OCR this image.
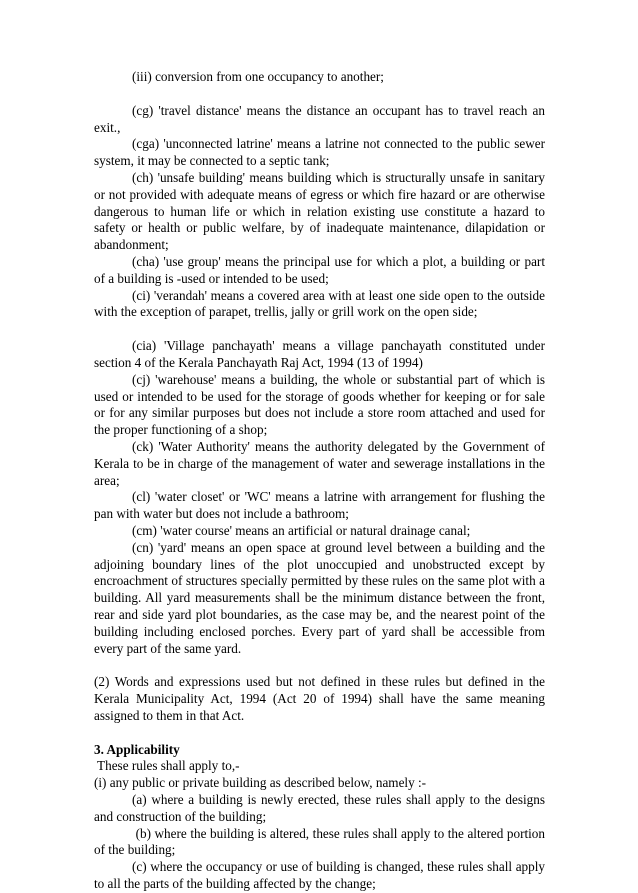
(iii) conversion from one occupancy to another;

(cg) 'travel distance' means the distance an occupant has to travel reach an exit.,

(cga) 'unconnected latrine' means a latrine not connected to the public sewer system, it may be connected to a septic tank;

(ch) 'unsafe building' means building which is structurally unsafe in sanitary or not provided with adequate means of egress or which fire hazard or are otherwise dangerous to human life or which in relation existing use constitute a hazard to safety or health or public welfare, by of inadequate maintenance, dilapidation or abandonment;

(cha) 'use group' means the principal use for which a plot, a building or part of a building is -used or intended to be used;

(ci) 'verandah' means a covered area with at least one side open to the outside with the exception of parapet, trellis, jally or grill work on the open side;

(cia) 'Village panchayath' means a village panchayath constituted under section 4 of the Kerala Panchayath Raj Act, 1994 (13 of 1994)

(cj) 'warehouse' means a building, the whole or substantial part of which is used or intended to be used for the storage of goods whether for keeping or for sale or for any similar purposes but does not include a store room attached and used for the proper functioning of a shop;

(ck) 'Water Authority' means the authority delegated by the Government of Kerala to be in charge of the management of water and sewerage installations in the area;

(cl) 'water closet' or 'WC' means a latrine with arrangement for flushing the pan with water but does not include a bathroom;

(cm) 'water course' means an artificial or natural drainage canal;

(cn) 'yard' means an open space at ground level between a building and the adjoining boundary lines of the plot unoccupied and unobstructed except by encroachment of structures specially permitted by these rules on the same plot with a building. All yard measurements shall be the minimum distance between the front, rear and side yard plot boundaries, as the case may be, and the nearest point of the building including enclosed porches. Every part of yard shall be accessible from every part of the same yard.

(2) Words and expressions used but not defined in these rules but defined in the Kerala Municipality Act, 1994 (Act 20 of 1994) shall have the same meaning assigned to them in that Act.

3. Applicability

These rules shall apply to,-

(i) any public or private building as described below, namely :-

(a) where a building is newly erected, these rules shall apply to the designs and construction of the building;

(b) where the building is altered, these rules shall apply to the altered portion of the building;

(c) where the occupancy or use of building is changed, these rules shall apply to all the parts of the building affected by the change;
